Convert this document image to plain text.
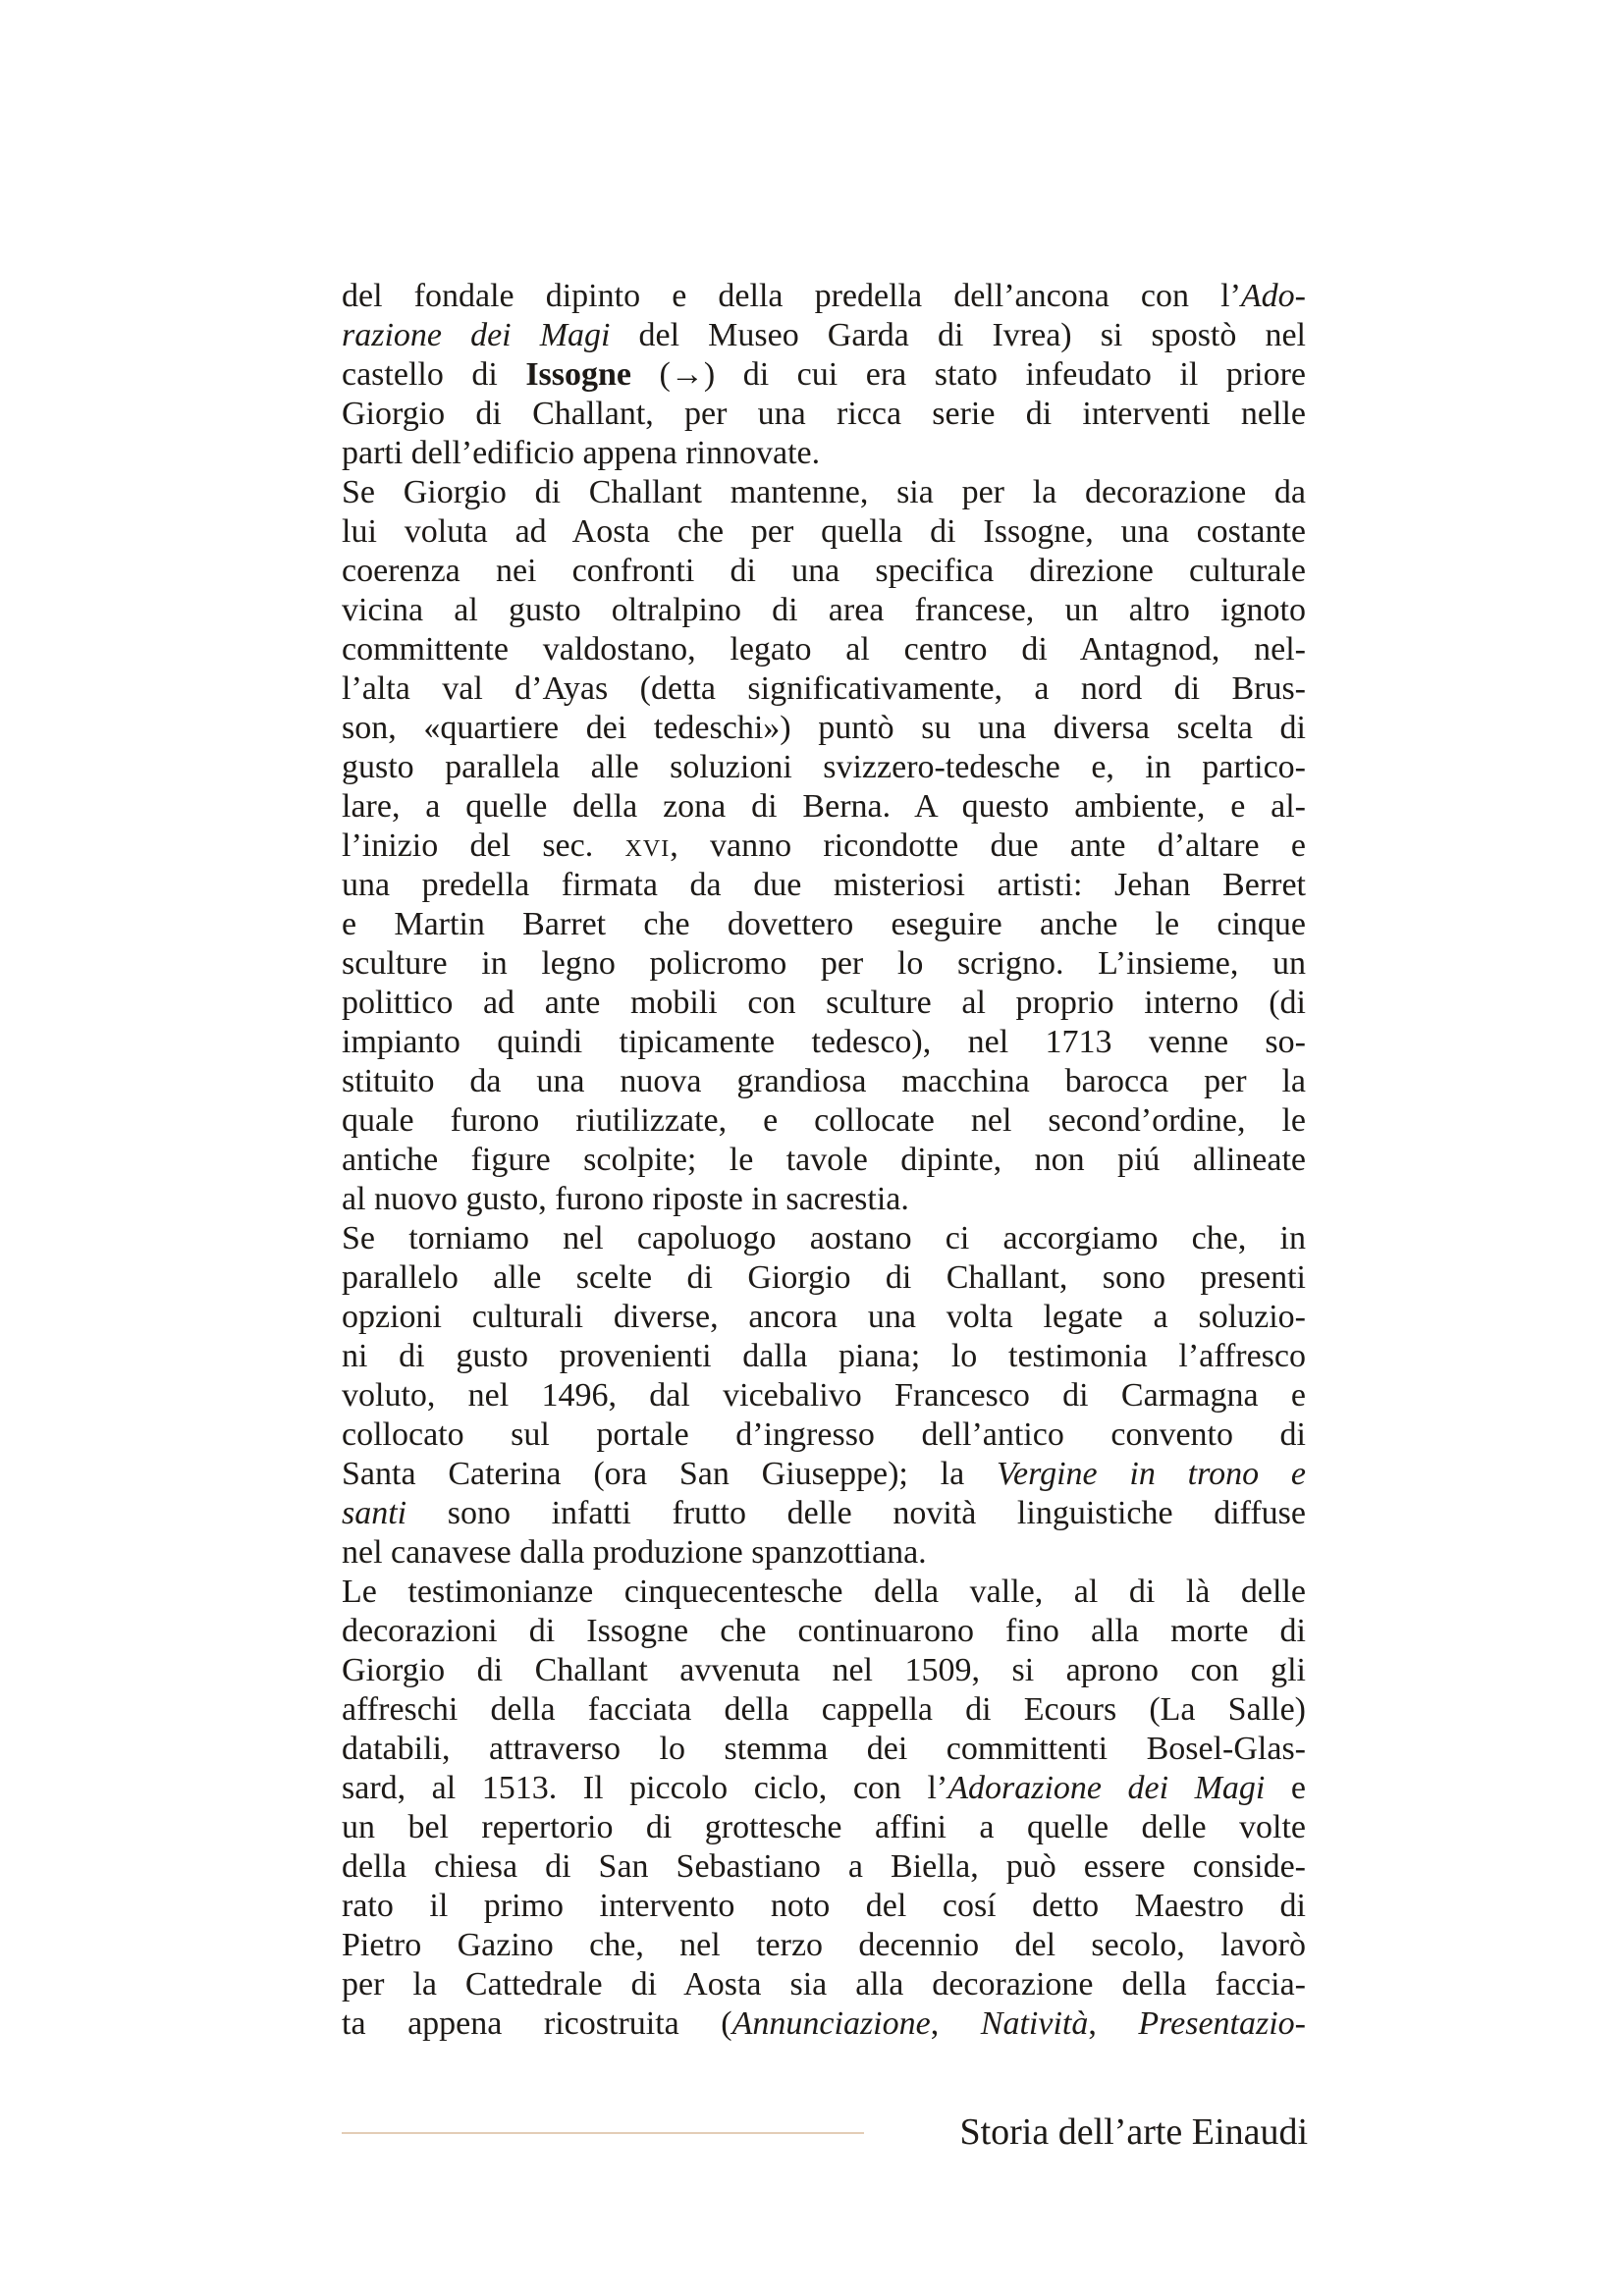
del fondale dipinto e della predella dell’ancona con l’Ado-
razione dei Magi del Museo Garda di Ivrea) si spostò nel
castello di Issogne (→) di cui era stato infeudato il priore
Giorgio di Challant, per una ricca serie di interventi nelle
parti dell’edificio appena rinnovate.
Se Giorgio di Challant mantenne, sia per la decorazione da
lui voluta ad Aosta che per quella di Issogne, una costante
coerenza nei confronti di una specifica direzione culturale
vicina al gusto oltralpino di area francese, un altro ignoto
committente valdostano, legato al centro di Antagnod, nel-
l’alta val d’Ayas (detta significativamente, a nord di Brus-
son, «quartiere dei tedeschi») puntò su una diversa scelta di
gusto parallela alle soluzioni svizzero-tedesche e, in partico-
lare, a quelle della zona di Berna. A questo ambiente, e al-
l’inizio del sec. xvi, vanno ricondotte due ante d’altare e
una predella firmata da due misteriosi artisti: Jehan Berret
e Martin Barret che dovettero eseguire anche le cinque
sculture in legno policromo per lo scrigno. L’insieme, un
polittico ad ante mobili con sculture al proprio interno (di
impianto quindi tipicamente tedesco), nel 1713 venne so-
stituito da una nuova grandiosa macchina barocca per la
quale furono riutilizzate, e collocate nel second’ordine, le
antiche figure scolpite; le tavole dipinte, non piú allineate
al nuovo gusto, furono riposte in sacrestia.
Se torniamo nel capoluogo aostano ci accorgiamo che, in
parallelo alle scelte di Giorgio di Challant, sono presenti
opzioni culturali diverse, ancora una volta legate a soluzio-
ni di gusto provenienti dalla piana; lo testimonia l’affresco
voluto, nel 1496, dal vicebalivo Francesco di Carmagna e
collocato sul portale d’ingresso dell’antico convento di
Santa Caterina (ora San Giuseppe); la Vergine in trono e
santi sono infatti frutto delle novità linguistiche diffuse
nel canavese dalla produzione spanzottiana.
Le testimonianze cinquecentesche della valle, al di là delle
decorazioni di Issogne che continuarono fino alla morte di
Giorgio di Challant avvenuta nel 1509, si aprono con gli
affreschi della facciata della cappella di Ecours (La Salle)
databili, attraverso lo stemma dei committenti Bosel-Glas-
sard, al 1513. Il piccolo ciclo, con l’Adorazione dei Magi e
un bel repertorio di grottesche affini a quelle delle volte
della chiesa di San Sebastiano a Biella, può essere conside-
rato il primo intervento noto del cosí detto Maestro di
Pietro Gazino che, nel terzo decennio del secolo, lavorò
per la Cattedrale di Aosta sia alla decorazione della faccia-
ta appena ricostruita (Annunciazione, Natività, Presentazio-
Storia dell’arte Einaudi
